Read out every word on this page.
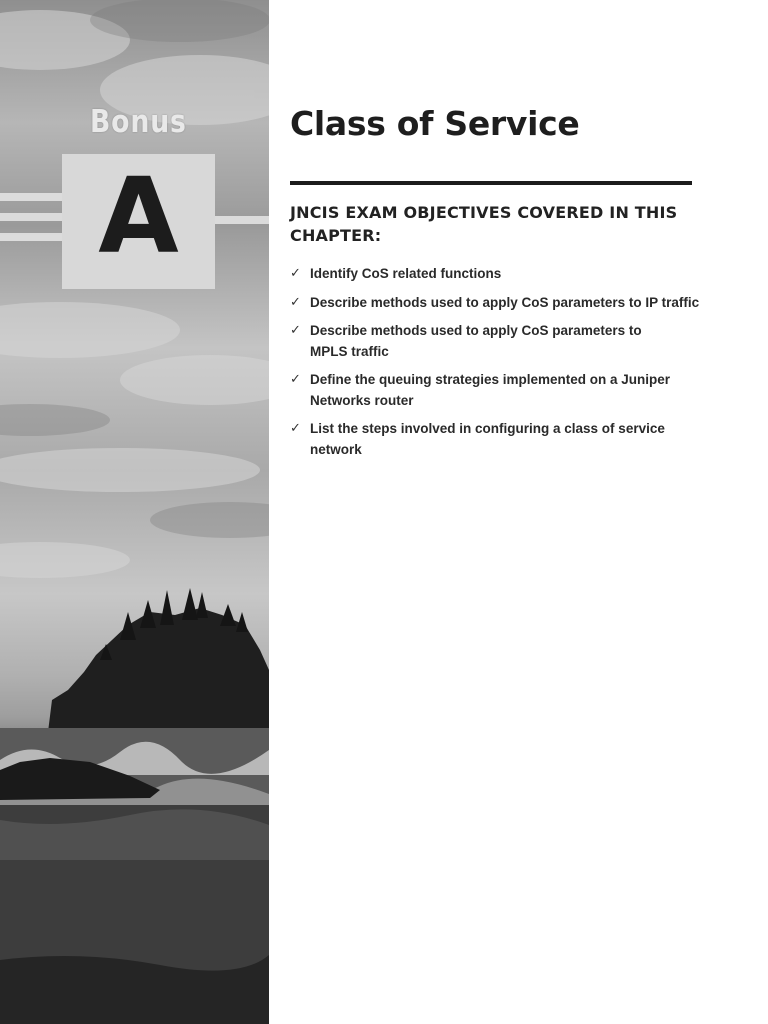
Bonus
A
Class of Service
JNCIS EXAM OBJECTIVES COVERED IN THIS CHAPTER:
✓ Identify CoS related functions
✓ Describe methods used to apply CoS parameters to IP traffic
✓ Describe methods used to apply CoS parameters to MPLS traffic
✓ Define the queuing strategies implemented on a Juniper Networks router
✓ List the steps involved in configuring a class of service network
